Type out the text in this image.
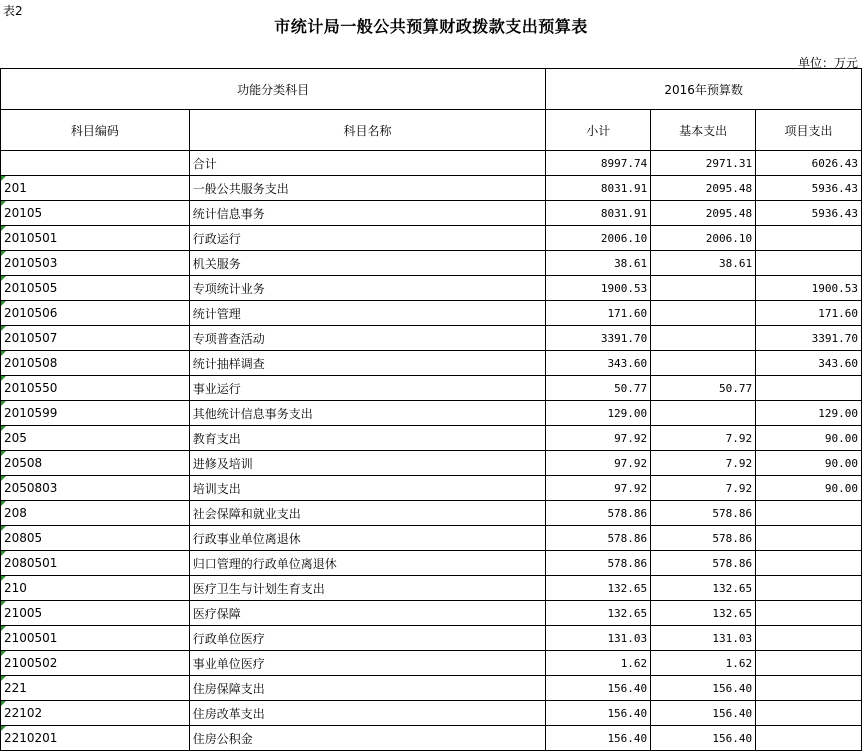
表2
市统计局一般公共预算财政拨款支出预算表
单位：万元
功能分类科目		2016年预算数		
科目编码	科目名称	小计	基本支出	项目支出
	合计	8997.74	2971.31	6026.43

201	一般公共服务支出	8031.91	2095.48	5936.43

20105	统计信息事务	8031.91	2095.48	5936.43

2010501	行政运行	2006.10	2006.10	

2010503	机关服务	38.61	38.61	

2010505	专项统计业务	1900.53		1900.53

2010506	统计管理	171.60		171.60

2010507	专项普查活动	3391.70		3391.70

2010508	统计抽样调查	343.60		343.60

2010550	事业运行	50.77	50.77	

2010599	其他统计信息事务支出	129.00		129.00

205	教育支出	97.92	7.92	90.00

20508	进修及培训	97.92	7.92	90.00

2050803	培训支出	97.92	7.92	90.00

208	社会保障和就业支出	578.86	578.86	

20805	行政事业单位离退休	578.86	578.86	

2080501	归口管理的行政单位离退休	578.86	578.86	

210	医疗卫生与计划生育支出	132.65	132.65	

21005	医疗保障	132.65	132.65	

2100501	行政单位医疗	131.03	131.03	

2100502	事业单位医疗	1.62	1.62	

221	住房保障支出	156.40	156.40	

22102	住房改革支出	156.40	156.40	

2210201	住房公积金	156.40	156.40	
